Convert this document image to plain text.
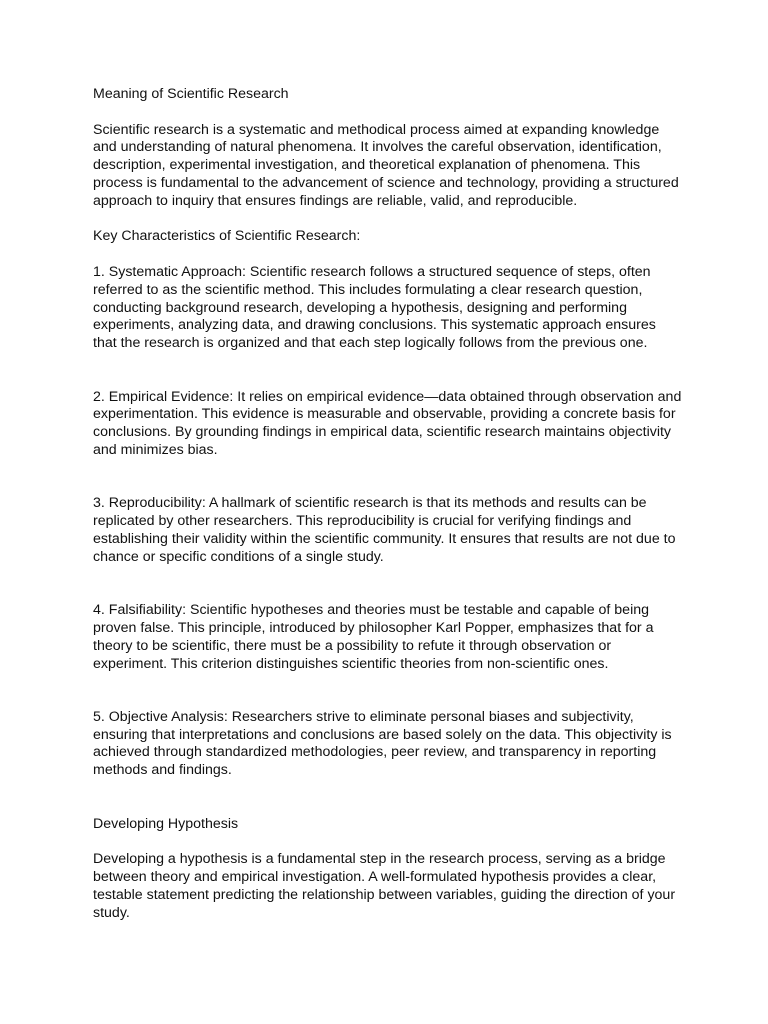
Meaning of Scientific Research

Scientific research is a systematic and methodical process aimed at expanding knowledge and understanding of natural phenomena. It involves the careful observation, identification, description, experimental investigation, and theoretical explanation of phenomena. This process is fundamental to the advancement of science and technology, providing a structured approach to inquiry that ensures findings are reliable, valid, and reproducible.

Key Characteristics of Scientific Research:

1. Systematic Approach: Scientific research follows a structured sequence of steps, often referred to as the scientific method. This includes formulating a clear research question, conducting background research, developing a hypothesis, designing and performing experiments, analyzing data, and drawing conclusions. This systematic approach ensures that the research is organized and that each step logically follows from the previous one.

2. Empirical Evidence: It relies on empirical evidence—data obtained through observation and experimentation. This evidence is measurable and observable, providing a concrete basis for conclusions. By grounding findings in empirical data, scientific research maintains objectivity and minimizes bias.

3. Reproducibility: A hallmark of scientific research is that its methods and results can be replicated by other researchers. This reproducibility is crucial for verifying findings and establishing their validity within the scientific community. It ensures that results are not due to chance or specific conditions of a single study.

4. Falsifiability: Scientific hypotheses and theories must be testable and capable of being proven false. This principle, introduced by philosopher Karl Popper, emphasizes that for a theory to be scientific, there must be a possibility to refute it through observation or experiment. This criterion distinguishes scientific theories from non-scientific ones.

5. Objective Analysis: Researchers strive to eliminate personal biases and subjectivity, ensuring that interpretations and conclusions are based solely on the data. This objectivity is achieved through standardized methodologies, peer review, and transparency in reporting methods and findings.

Developing Hypothesis

Developing a hypothesis is a fundamental step in the research process, serving as a bridge between theory and empirical investigation. A well-formulated hypothesis provides a clear, testable statement predicting the relationship between variables, guiding the direction of your study.
